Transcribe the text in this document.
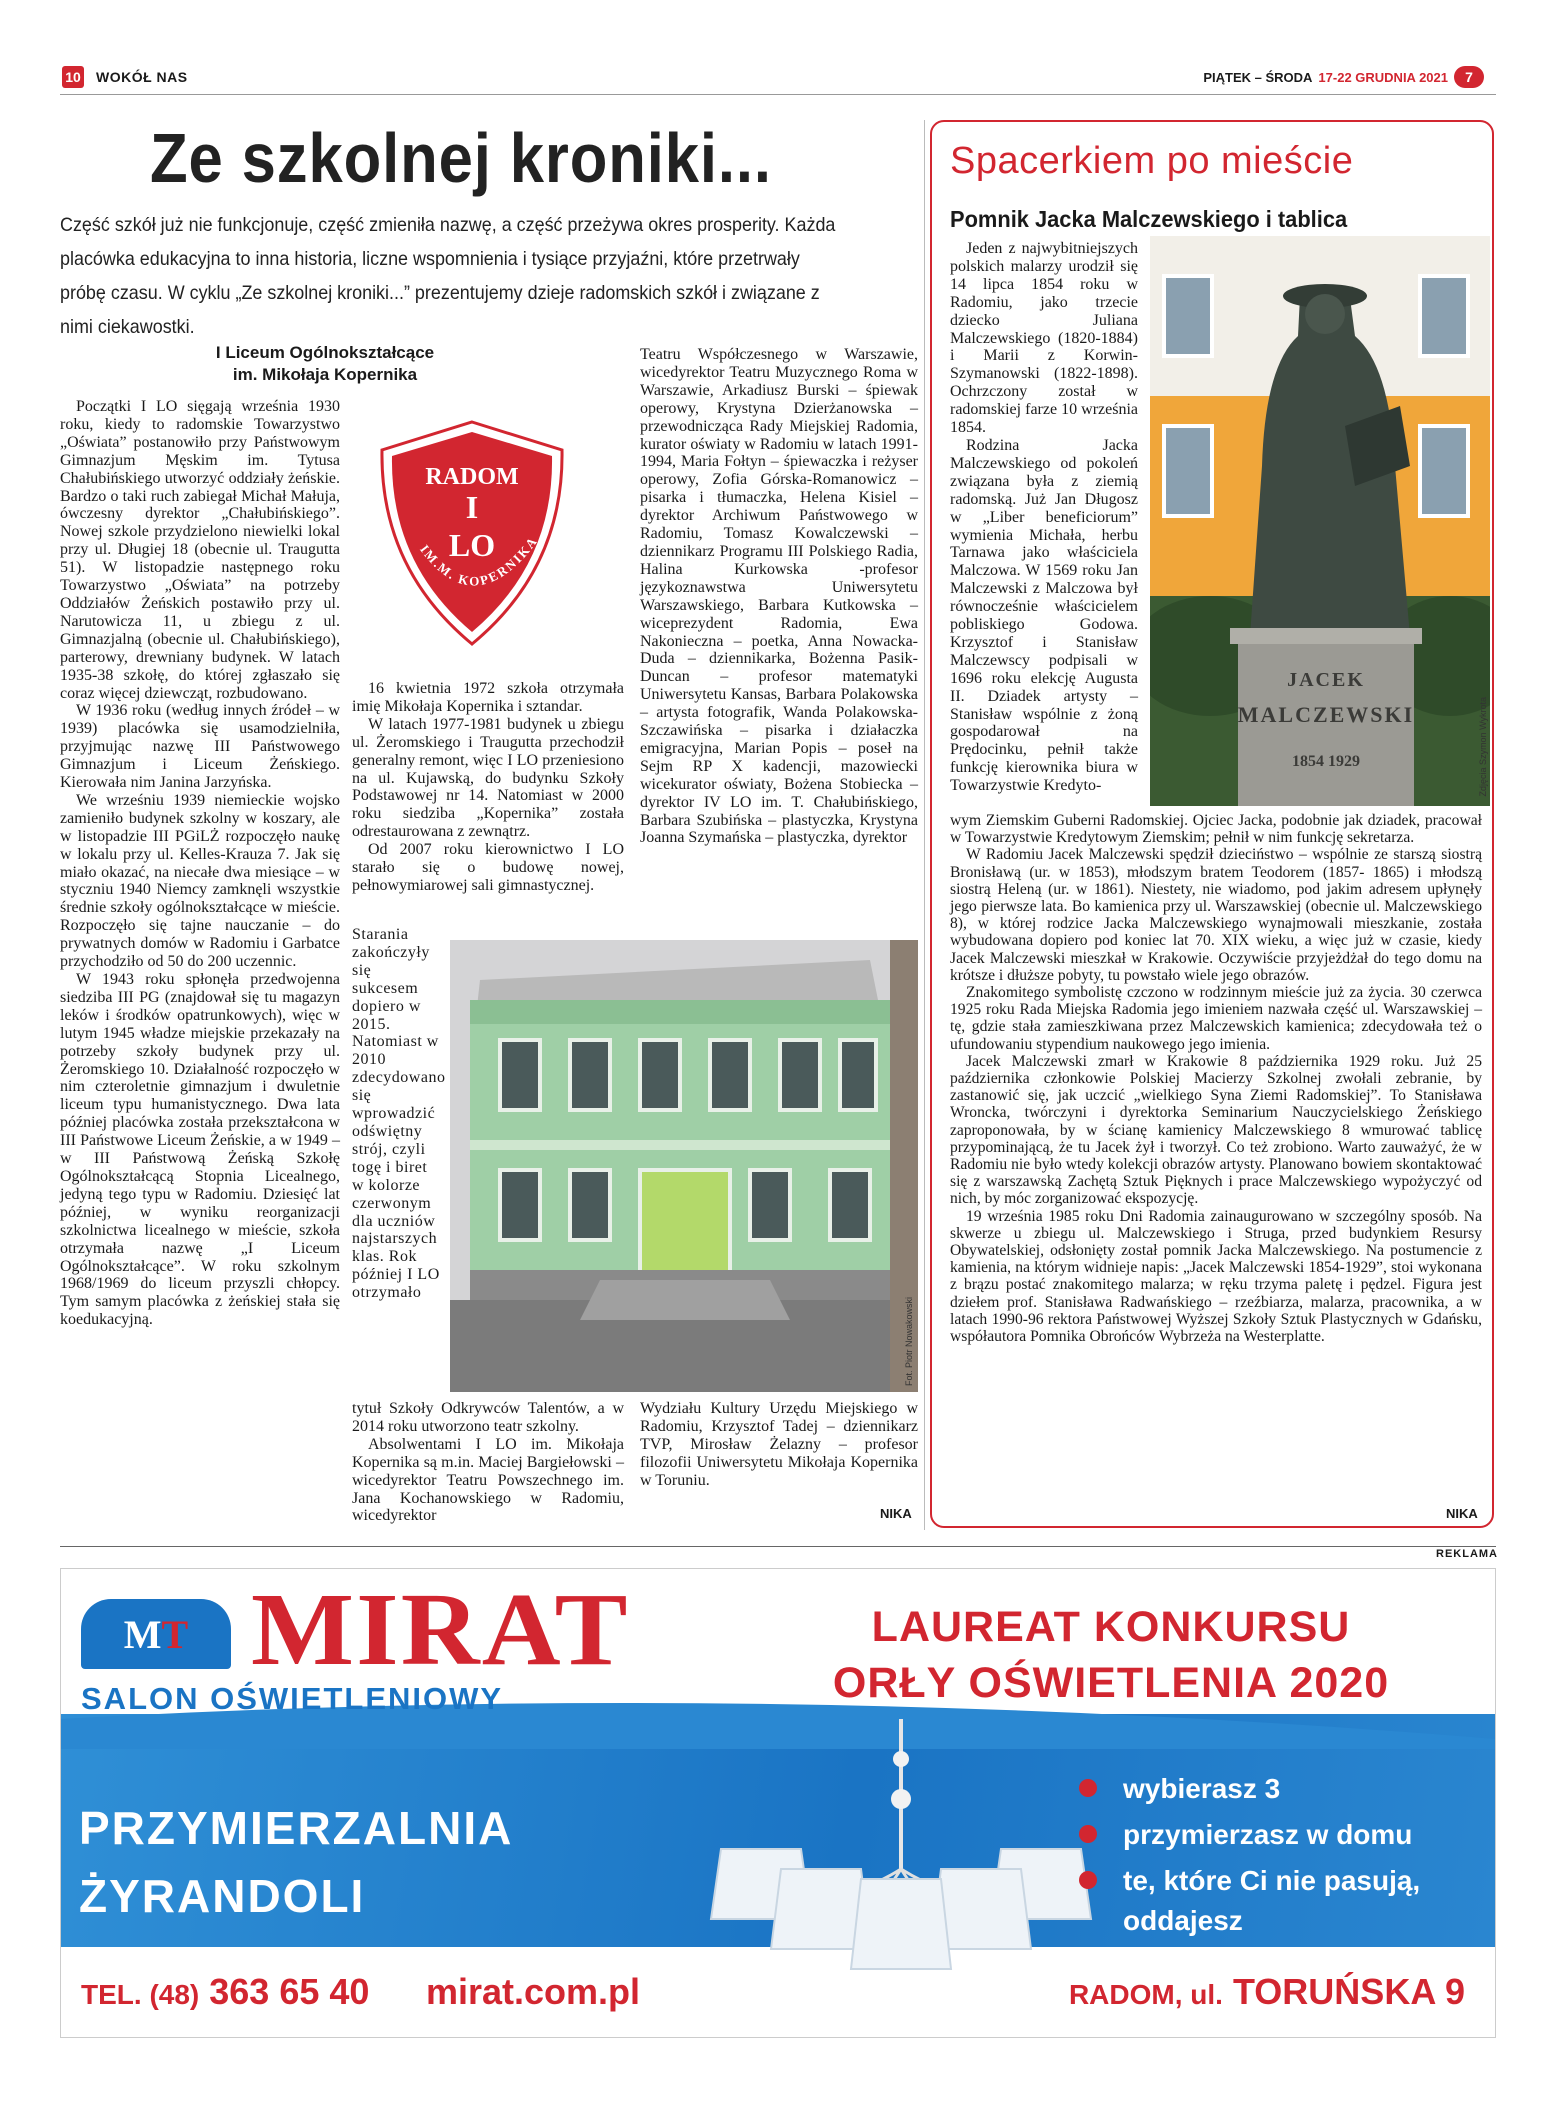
10 WOKÓŁ NAS	PIĄTEK – ŚRODA 17-22 GRUDNIA 2021	7
Ze szkolnej kroniki...
Część szkół już nie funkcjonuje, część zmieniła nazwę, a część przeżywa okres prosperity. Każda placówka edukacyjna to inna historia, liczne wspomnienia i tysiące przyjaźni, które przetrwały próbę czasu. W cyklu „Ze szkolnej kroniki...” prezentujemy dzieje radomskich szkół i związane z nimi ciekawostki.
I Liceum Ogólnokształcące
im. Mikołaja Kopernika

Początki I LO sięgają września 1930 roku, kiedy to radomskie Towarzystwo „Oświata” postanowiło przy Państwowym Gimnazjum Męskim im. Tytusa Chałubińskiego utworzyć oddziały żeńskie. Bardzo o taki ruch zabiegał Michał Małuja, ówczesny dyrektor „Chałubińskiego”. Nowej szkole przydzielono niewielki lokal przy ul. Długiej 18 (obecnie ul. Traugutta 51). W listopadzie następnego roku Towarzystwo „Oświata” na potrzeby Oddziałów Żeńskich postawiło przy ul. Narutowicza 11, u zbiegu z ul. Gimnazjalną (obecnie ul. Chałubińskiego), parterowy, drewniany budynek. W latach 1935-38 szkołę, do której zgłaszało się coraz więcej dziewcząt, rozbudowano.

W 1936 roku (według innych źródeł – w 1939) placówka się usamodzielniła, przyjmując nazwę III Państwowego Gimnazjum i Liceum Żeńskiego. Kierowała nim Janina Jarzyńska.

We wrześniu 1939 niemieckie wojsko zamieniło budynek szkolny w koszary, ale w listopadzie III PGiLŻ rozpoczęło naukę w lokalu przy ul. Kelles-Krauza 7. Jak się miało okazać, na niecałe dwa miesiące – w styczniu 1940 Niemcy zamknęli wszystkie średnie szkoły ogólnokształcące w mieście. Rozpoczęło się tajne nauczanie – do prywatnych domów w Radomiu i Garbatce przychodziło od 50 do 200 uczennic.

W 1943 roku spłonęła przedwojenna siedziba III PG (znajdował się tu magazyn leków i środków opatrunkowych), więc w lutym 1945 władze miejskie przekazały na potrzeby szkoły budynek przy ul. Żeromskiego 10. Działalność rozpoczęło w nim czteroletnie gimnazjum i dwuletnie liceum typu humanistycznego. Dwa lata później placówka została przekształcona w III Państwowe Liceum Żeńskie, a w 1949 – w III Państwową Żeńską Szkołę Ogólnokształcącą Stopnia Licealnego, jedyną tego typu w Radomiu. Dziesięć lat później, w wyniku reorganizacji szkolnictwa licealnego w mieście, szkoła otrzymała nazwę „I Liceum Ogólnokształcące”. W roku szkolnym 1968/1969 do liceum przyszli chłopcy. Tym samym placówka z żeńskiej stała się koedukacyjną.

RADOM
I
LO
IM.M. KOPERNIKA

16 kwietnia 1972 szkoła otrzymała imię Mikołaja Kopernika i sztandar.

W latach 1977-1981 budynek u zbiegu ul. Żeromskiego i Traugutta przechodził generalny remont, więc I LO przeniesiono na ul. Kujawską, do budynku Szkoły Podstawowej nr 14. Natomiast w 2000 roku siedziba „Kopernika” została odrestaurowana z zewnątrz.

Od 2007 roku kierownictwo I LO starało się o budowę nowej, pełnowymiarowej sali gimnastycznej.

Starania zakończyły się sukcesem dopiero w 2015. Natomiast w 2010 zdecydowano się wprowadzić odświętny strój, czyli togę i biret w kolorze czerwonym dla uczniów najstarszych klas. Rok później I LO otrzymało

tytuł Szkoły Odkrywców Talentów, a w 2014 roku utworzono teatr szkolny.

Absolwentami I LO im. Mikołaja Kopernika są m.in. Maciej Bargiełowski – wicedyrektor Teatru Powszechnego im. Jana Kochanowskiego w Radomiu, wicedyrektor

Teatru Współczesnego w Warszawie, wicedyrektor Teatru Muzycznego Roma w Warszawie, Arkadiusz Burski – śpiewak operowy, Krystyna Dzierżanowska – przewodnicząca Rady Miejskiej Radomia, kurator oświaty w Radomiu w latach 1991-1994, Maria Fołtyn – śpiewaczka i reżyser operowy, Zofia Górska-Romanowicz – pisarka i tłumaczka, Helena Kisiel – dyrektor Archiwum Państwowego w Radomiu, Tomasz Kowalczewski – dziennikarz Programu III Polskiego Radia, Halina Kurkowska -profesor językoznawstwa Uniwersytetu Warszawskiego, Barbara Kutkowska – wiceprezydent Radomia, Ewa Nakonieczna – poetka, Anna Nowacka-Duda – dziennikarka, Bożenna Pasik-Duncan – profesor matematyki Uniwersytetu Kansas, Barbara Polakowska – artysta fotografik, Wanda Polakowska-Szczawińska – pisarka i działaczka emigracyjna, Marian Popis – poseł na Sejm RP X kadencji, mazowiecki wicekurator oświaty, Bożena Stobiecka – dyrektor IV LO im. T. Chałubińskiego, Barbara Szubińska – plastyczka, Krystyna Joanna Szymańska – plastyczka, dyrektor

Wydziału Kultury Urzędu Miejskiego w Radomiu, Krzysztof Tadej – dziennikarz TVP, Mirosław Żelazny – profesor filozofii Uniwersytetu Mikołaja Kopernika w Toruniu.

Fot. Piotr Nowakowski
NIKA
Spacerkiem po mieście
Pomnik Jacka Malczewskiego i tablica

Jeden z najwybitniejszych polskich malarzy urodził się 14 lipca 1854 roku w Radomiu, jako trzecie dziecko Juliana Malczewskiego (1820-1884) i Marii z Korwin-Szymanowski (1822-1898). Ochrzczony został w radomskiej farze 10 września 1854.

Rodzina Jacka Malczewskiego od pokoleń związana była z ziemią radomską. Już Jan Długosz w „Liber beneficiorum” wymienia Michała, herbu Tarnawa jako właściciela Malczowa. W 1569 roku Jan Malczewski z Malczowa był równocześnie właścicielem pobliskiego Godowa. Krzysztof i Stanisław Malczewscy podpisali w 1696 roku elekcję Augusta II. Dziadek artysty – Stanisław wspólnie z żoną gospodarował na Prędocinku, pełnił także funkcję kierownika biura w Towarzystwie Kredyto-

JACEK
MALCZEWSKI
1854 1929	Zdjęcia Szymon Wykrota

wym Ziemskim Guberni Radomskiej. Ojciec Jacka, podobnie jak dziadek, pracował w Towarzystwie Kredytowym Ziemskim; pełnił w nim funkcję sekretarza.

W Radomiu Jacek Malczewski spędził dzieciństwo – wspólnie ze starszą siostrą Bronisławą (ur. w 1853), młodszym bratem Teodorem (1857- 1865) i młodszą siostrą Heleną (ur. w 1861). Niestety, nie wiadomo, pod jakim adresem upłynęły jego pierwsze lata. Bo kamienica przy ul. Warszawskiej (obecnie ul. Malczewskiego 8), w której rodzice Jacka Malczewskiego wynajmowali mieszkanie, została wybudowana dopiero pod koniec lat 70. XIX wieku, a więc już w czasie, kiedy Jacek Malczewski mieszkał w Krakowie. Oczywiście przyjeżdżał do tego domu na krótsze i dłuższe pobyty, tu powstało wiele jego obrazów.

Znakomitego symbolistę czczono w rodzinnym mieście już za życia. 30 czerwca 1925 roku Rada Miejska Radomia jego imieniem nazwała część ul. Warszawskiej – tę, gdzie stała zamieszkiwana przez Malczewskich kamienica; zdecydowała też o ufundowaniu stypendium naukowego jego imienia.

Jacek Malczewski zmarł w Krakowie 8 października 1929 roku. Już 25 października członkowie Polskiej Macierzy Szkolnej zwołali zebranie, by zastanowić się, jak uczcić „wielkiego Syna Ziemi Radomskiej”. To Stanisława Wroncka, twórczyni i dyrektorka Seminarium Nauczycielskiego Żeńskiego zaproponowała, by w ścianę kamienicy Malczewskiego 8 wmurować tablicę przypominającą, że tu Jacek żył i tworzył. Co też zrobiono. Warto zauważyć, że w Radomiu nie było wtedy kolekcji obrazów artysty. Planowano bowiem skontaktować się z warszawską Zachętą Sztuk Pięknych i prace Malczewskiego wypożyczyć od nich, by móc zorganizować ekspozycję.

19 września 1985 roku Dni Radomia zainaugurowano w szczególny sposób. Na skwerze u zbiegu ul. Malczewskiego i Struga, przed budynkiem Resursy Obywatelskiej, odsłonięty został pomnik Jacka Malczewskiego. Na postumencie z kamienia, na którym widnieje napis: „Jacek Malczewski 1854-1929”, stoi wykonana z brązu postać znakomitego malarza; w ręku trzyma paletę i pędzel. Figura jest dziełem prof. Stanisława Radwańskiego – rzeźbiarza, malarza, pracownika, a w latach 1990-96 rektora Państwowej Wyższej Szkoły Sztuk Plastycznych w Gdańsku, współautora Pomnika Obrońców Wybrzeża na Westerplatte.

NIKA
REKLAMA
M T MIRAT
SALON OŚWIETLENIOWY
LAUREAT KONKURSU
ORŁY OŚWIETLENIA 2020
PRZYMIERZALNIA
ŻYRANDOLI
wybierasz 3
przymierzasz w domu
te, które Ci nie pasują, oddajesz
TEL. (48) 363 65 40 mirat.com.pl	RADOM, ul. TORUŃSKA 9
